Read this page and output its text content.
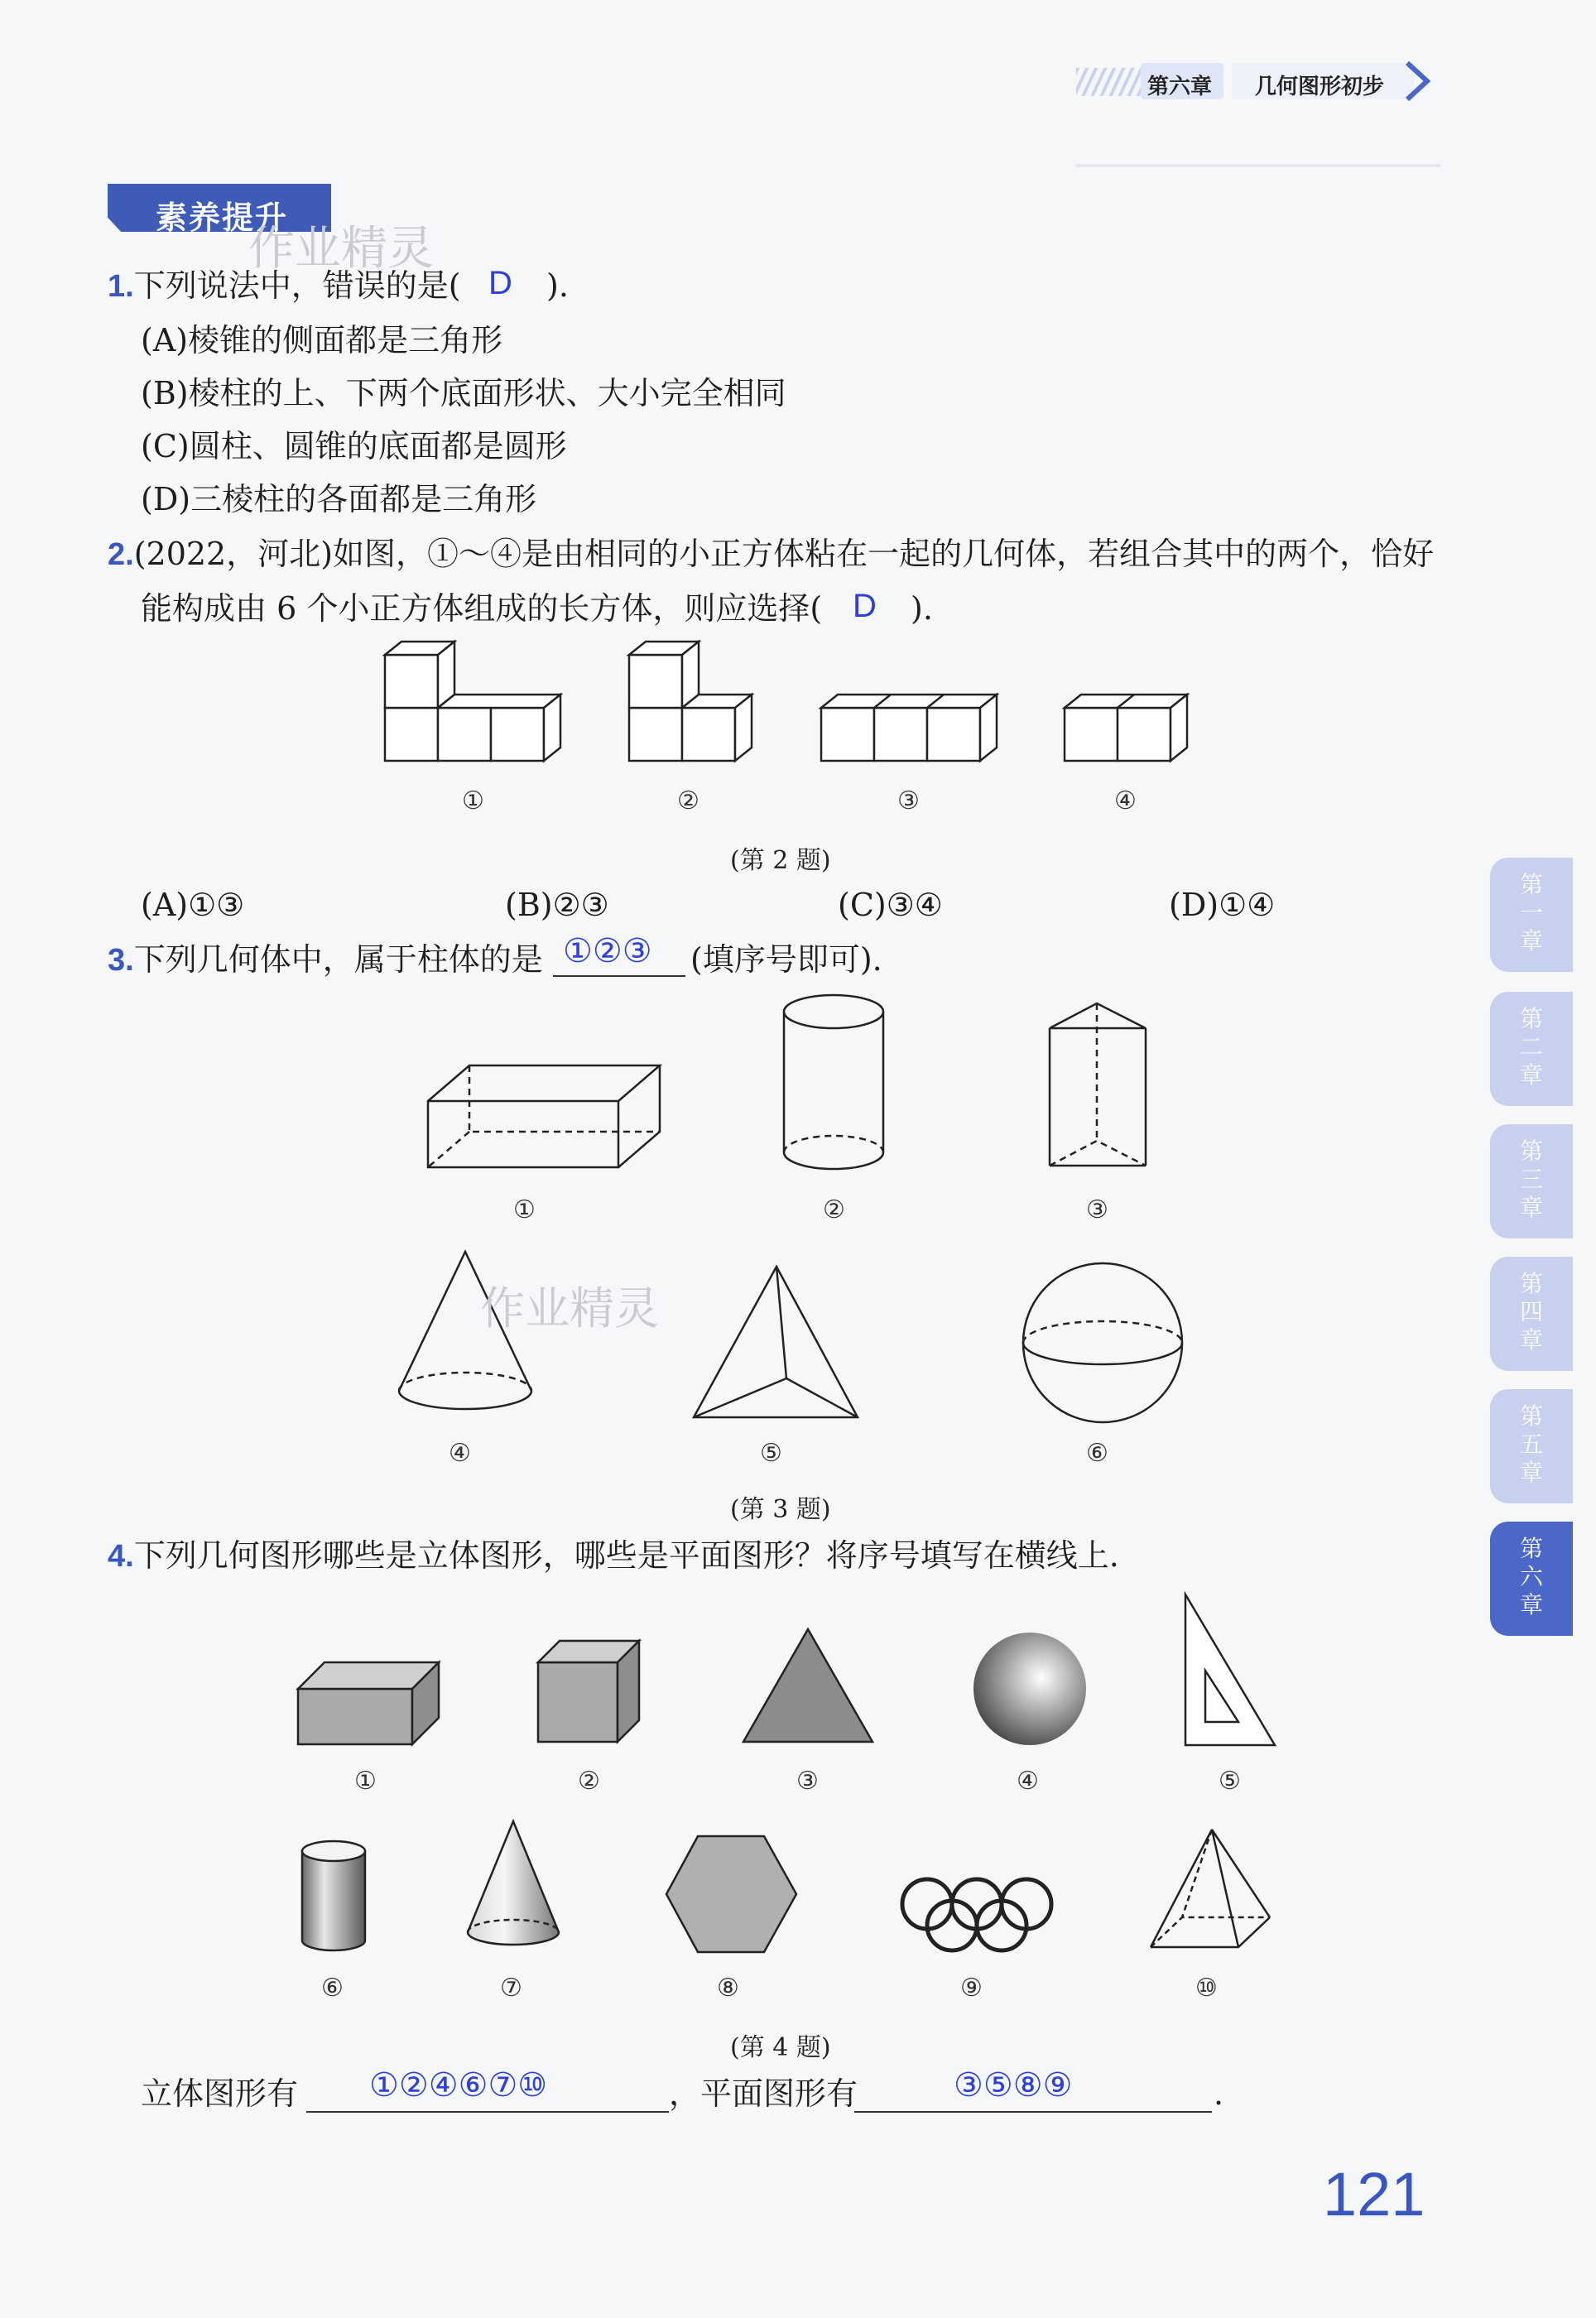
第六章 几何图形初步
素养提升
作业精灵
1.下列说法中，错误的是( D ).
(A)棱锥的侧面都是三角形
(B)棱柱的上、下两个底面形状、大小完全相同
(C)圆柱、圆锥的底面都是圆形
(D)三棱柱的各面都是三角形
2.(2022，河北)如图，①～④是由相同的小正方体粘在一起的几何体，若组合其中的两个，恰好
能构成由 6 个小正方体组成的长方体，则应选择( D ).
①	②	③	④
(第 2 题)
(A)①③	(B)②③	(C)③④	(D)①④
3.下列几何体中，属于柱体的是 ①②③ (填序号即可).
作业精灵
①	②	③
④	⑤	⑥
(第 3 题)
4.下列几何图形哪些是立体图形，哪些是平面图形？将序号填写在横线上.
①	②	③	④	⑤
⑥	⑦	⑧	⑨	⑩
(第 4 题)
立体图形有 ①②④⑥⑦⑩	，平面图形有	③⑤⑧⑨	.
第
一
章
第
二
章
第
三
章
第
四
章
第
五
章
第
六
章
121
